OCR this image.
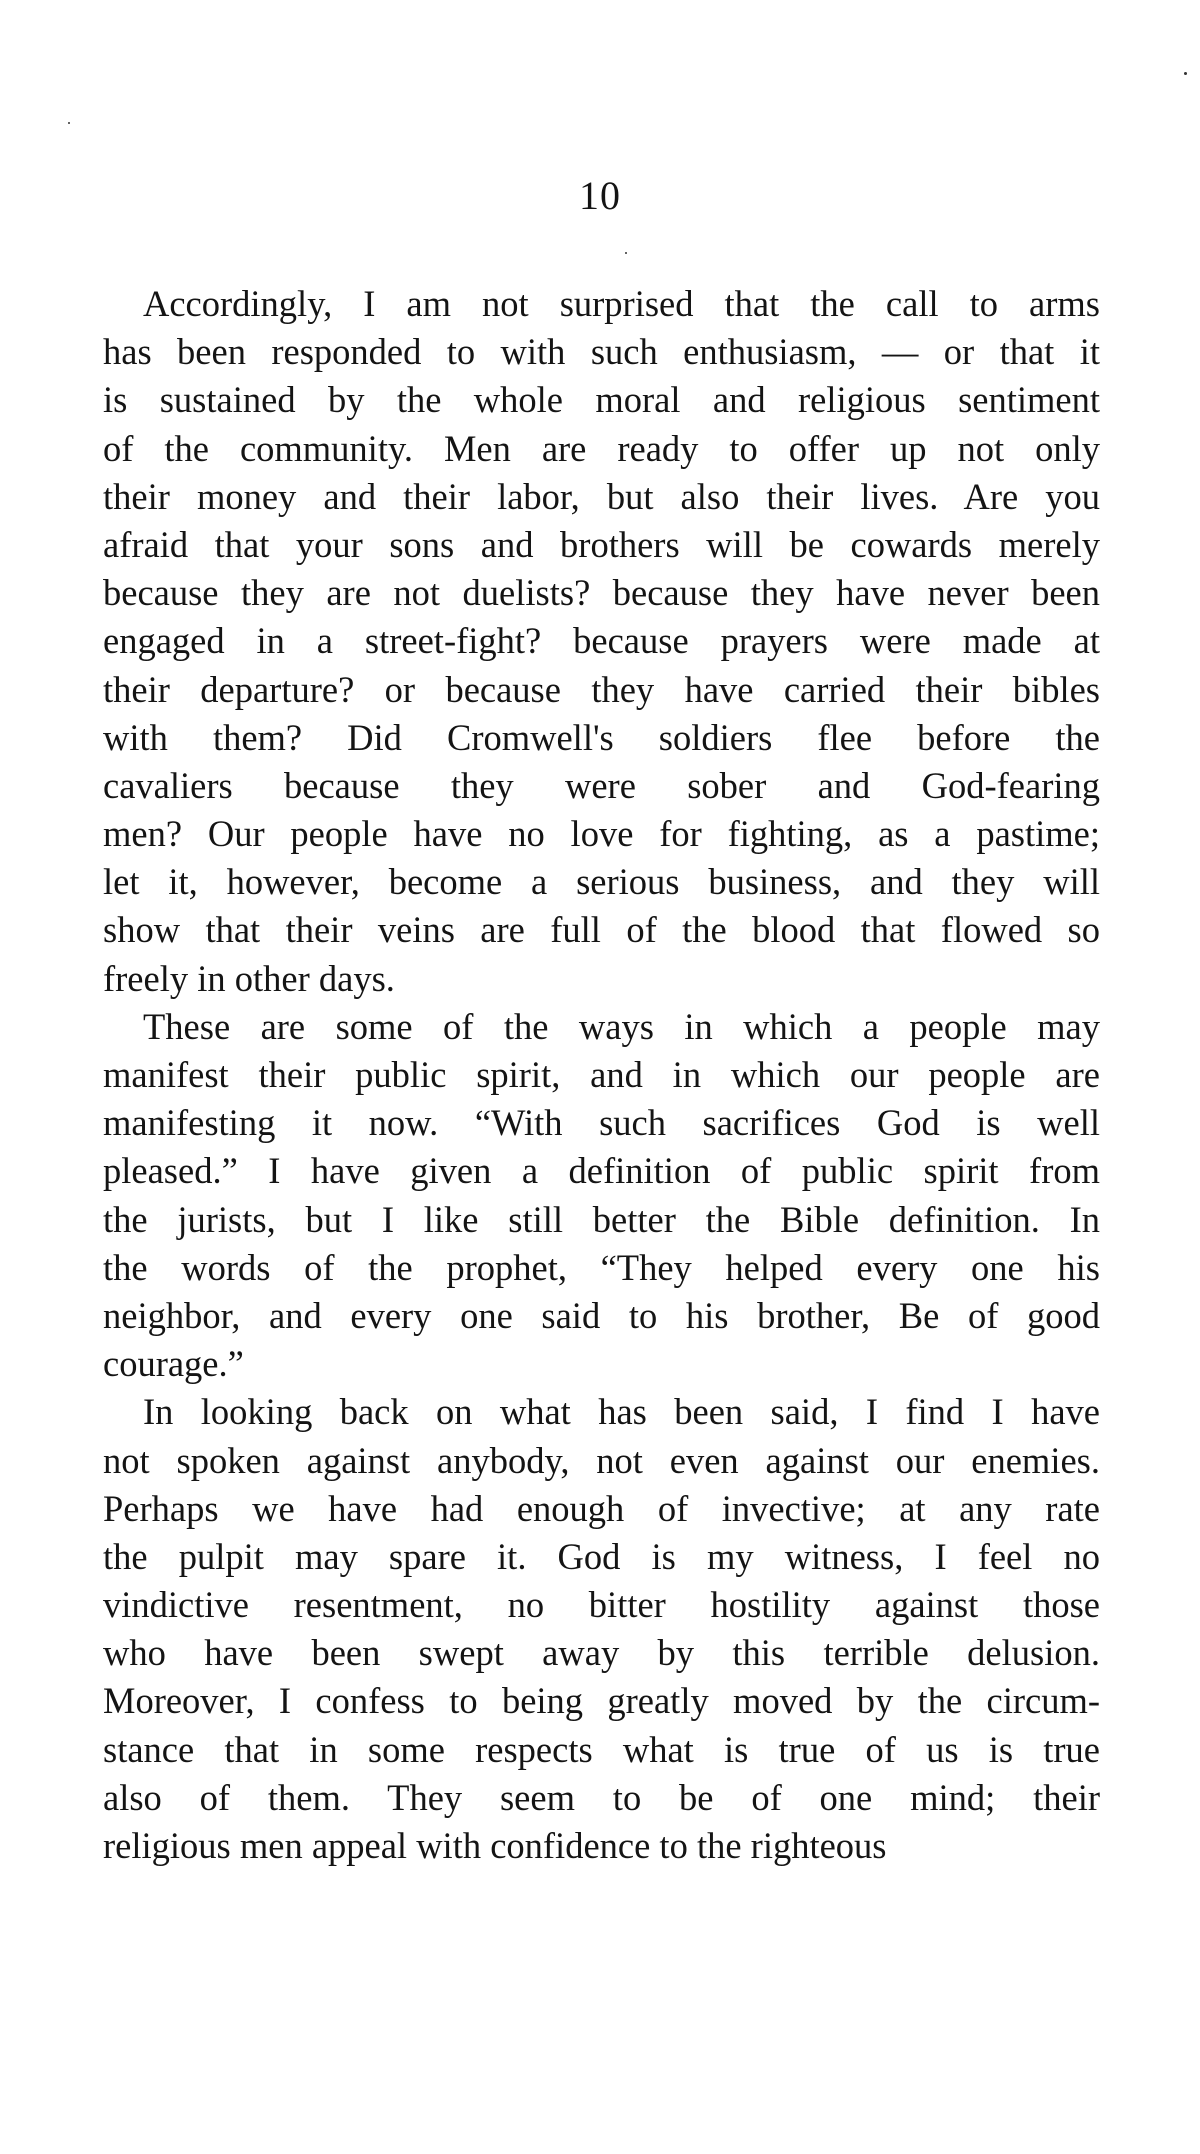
10
Accordingly, I am not surprised that the call to arms
has been responded to with such enthusiasm, — or that it
is sustained by the whole moral and religious sentiment
of the community. Men are ready to offer up not only
their money and their labor, but also their lives. Are you
afraid that your sons and brothers will be cowards merely
because they are not duelists? because they have never been
engaged in a street-fight? because prayers were made at
their departure? or because they have carried their bibles
with them? Did Cromwell's soldiers flee before the
cavaliers because they were sober and God-fearing
men? Our people have no love for fighting, as a pastime;
let it, however, become a serious business, and they will
show that their veins are full of the blood that flowed so
freely in other days.
These are some of the ways in which a people may
manifest their public spirit, and in which our people are
manifesting it now. “With such sacrifices God is well
pleased.” I have given a definition of public spirit from
the jurists, but I like still better the Bible definition. In
the words of the prophet, “They helped every one his
neighbor, and every one said to his brother, Be of good
courage.”
In looking back on what has been said, I find I have
not spoken against anybody, not even against our enemies.
Perhaps we have had enough of invective; at any rate
the pulpit may spare it. God is my witness, I feel no
vindictive resentment, no bitter hostility against those
who have been swept away by this terrible delusion.
Moreover, I confess to being greatly moved by the circum-
stance that in some respects what is true of us is true
also of them. They seem to be of one mind; their
religious men appeal with confidence to the righteous
